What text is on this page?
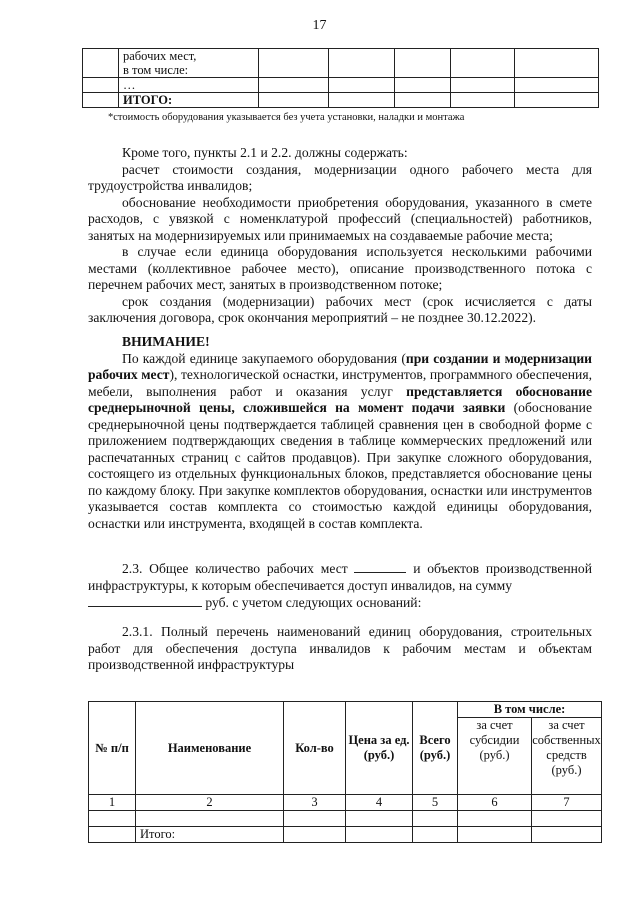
17
	рабочих мест,
в том числе:					
	…					
	ИТОГО:					
*стоимость оборудования указывается без учета установки, наладки и монтажа

Кроме того, пункты 2.1 и 2.2. должны содержать:

расчет стоимости создания, модернизации одного рабочего места для трудоустройства инвалидов;

обоснование необходимости приобретения оборудования, указанного в смете расходов, с увязкой с номенклатурой профессий (специальностей) работников, занятых на модернизируемых или принимаемых на создаваемые рабочие места;

в случае если единица оборудования используется несколькими рабочими местами (коллективное рабочее место), описание производственного потока с перечнем рабочих мест, занятых в производственном потоке;

срок создания (модернизации) рабочих мест (срок исчисляется с даты заключения договора, срок окончания мероприятий – не позднее 30.12.2022).

ВНИМАНИЕ!

По каждой единице закупаемого оборудования (при создании и модернизации рабочих мест), технологической оснастки, инструментов, программного обеспечения, мебели, выполнения работ и оказания услуг представляется обоснование среднерыночной цены, сложившейся на момент подачи заявки (обоснование среднерыночной цены подтверждается таблицей сравнения цен в свободной форме с приложением подтверждающих сведения в таблице коммерческих предложений или распечатанных страниц с сайтов продавцов). При закупке сложного оборудования, состоящего из отдельных функциональных блоков, представляется обоснование цены по каждому блоку. При закупке комплектов оборудования, оснастки или инструментов указывается состав комплекта со стоимостью каждой единицы оборудования, оснастки или инструмента, входящей в состав комплекта.

2.3. Общее количество рабочих мест	и объектов производственной инфраструктуры, к которым обеспечивается доступ инвалидов, на сумму
руб. с учетом следующих оснований:

2.3.1. Полный перечень наименований единиц оборудования, строительных работ для обеспечения доступа инвалидов к рабочим местам и объектам производственной инфраструктуры

№ п/п	Наименование	Кол-во	Цена за ед. (руб.)	Всего (руб.)	В том числе:	
					за счет субсидии (руб.)	за счет собственных средств (руб.)
1	2	3	4	5	6	7

	Итого:					
